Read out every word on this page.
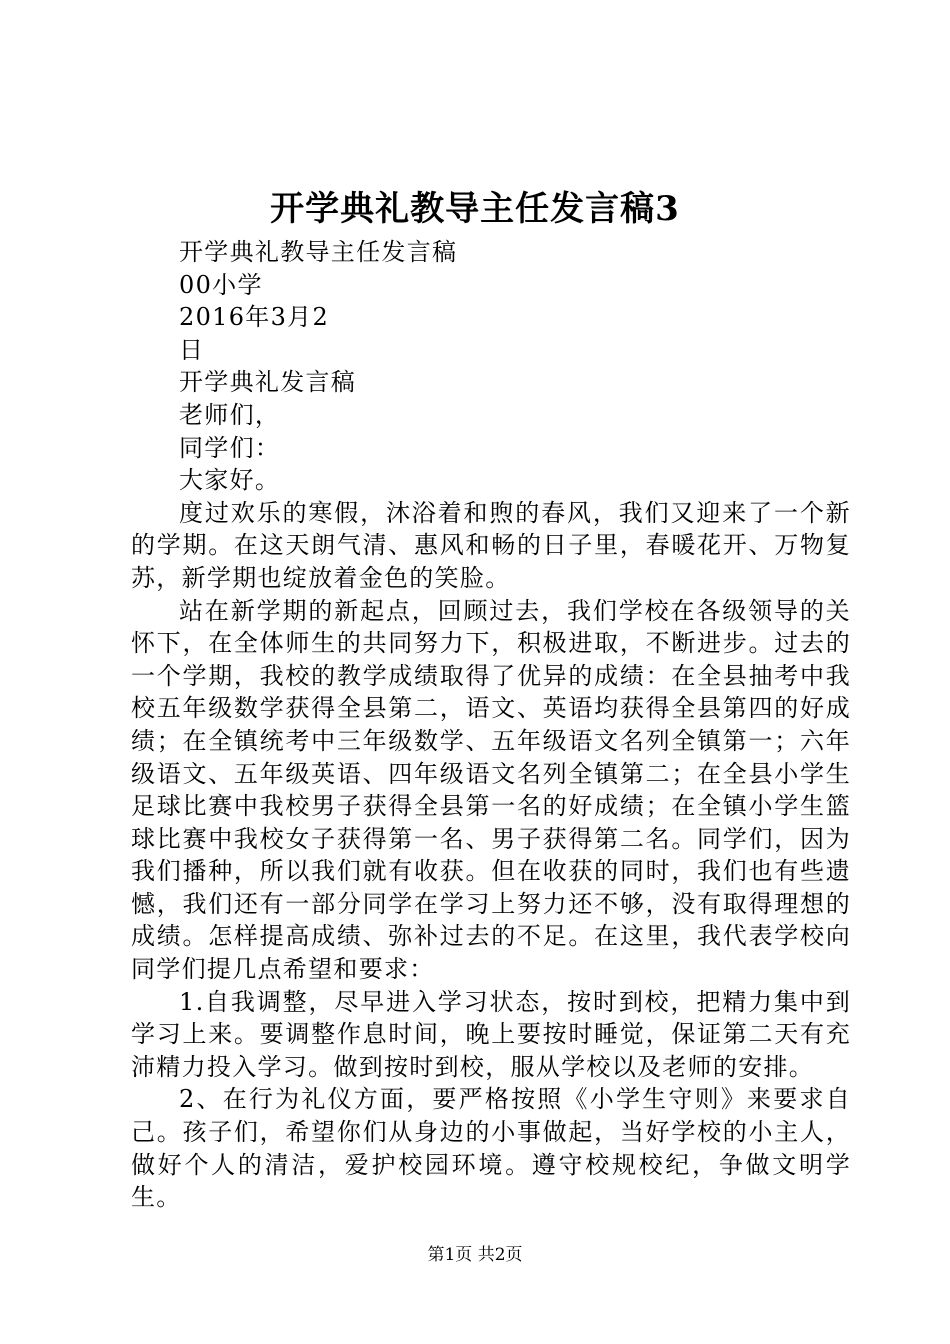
开学典礼教导主任发言稿3
开学典礼教导主任发言稿
00小学
2016年3月2
日
开学典礼发言稿
老师们，
同学们：
大家好。

度过欢乐的寒假，沐浴着和煦的春风，我们又迎来了一个新的学期。在这天朗气清、惠风和畅的日子里，春暖花开、万物复苏，新学期也绽放着金色的笑脸。

站在新学期的新起点，回顾过去，我们学校在各级领导的关怀下，在全体师生的共同努力下，积极进取，不断进步。过去的一个学期，我校的教学成绩取得了优异的成绩：在全县抽考中我校五年级数学获得全县第二，语文、英语均获得全县第四的好成绩；在全镇统考中三年级数学、五年级语文名列全镇第一；六年级语文、五年级英语、四年级语文名列全镇第二；在全县小学生足球比赛中我校男子获得全县第一名的好成绩；在全镇小学生篮球比赛中我校女子获得第一名、男子获得第二名。同学们，因为我们播种，所以我们就有收获。但在收获的同时，我们也有些遗憾，我们还有一部分同学在学习上努力还不够，没有取得理想的成绩。怎样提高成绩、弥补过去的不足。在这里，我代表学校向同学们提几点希望和要求：

1.自我调整，尽早进入学习状态，按时到校，把精力集中到学习上来。要调整作息时间，晚上要按时睡觉，保证第二天有充沛精力投入学习。做到按时到校，服从学校以及老师的安排。

2、在行为礼仪方面，要严格按照《小学生守则》来要求自己。孩子们，希望你们从身边的小事做起，当好学校的小主人，做好个人的清洁，爱护校园环境。遵守校规校纪，争做文明学生。

第1页 共2页
